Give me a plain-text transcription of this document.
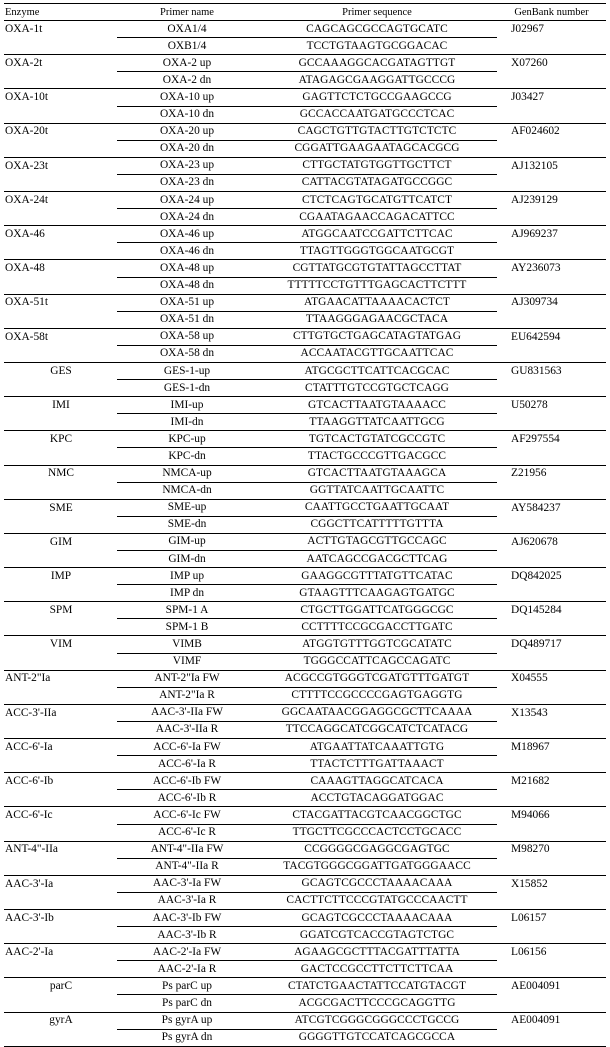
Enzyme	Primer name	Primer sequence	GenBank number
OXA-1t	OXA1/4	CAGCAGCGCCAGTGCATC	J02967
	OXB1/4	TCCTGTAAGTGCGGACAC	
OXA-2t	OXA-2 up	GCCAAAGGCACGATAGTTGT	X07260
	OXA-2 dn	ATAGAGCGAAGGATTGCCCG	
OXA-10t	OXA-10 up	GAGTTCTCTGCCGAAGCCG	J03427
	OXA-10 dn	GCCACCAATGATGCCCTCAC	
OXA-20t	OXA-20 up	CAGCTGTTGTACTTGTCTCTC	AF024602
	OXA-20 dn	CGGATTGAAGAATAGCACGCG	
OXA-23t	OXA-23 up	CTTGCTATGTGGTTGCTTCT	AJ132105
	OXA-23 dn	CATTACGTATAGATGCCGGC	
OXA-24t	OXA-24 up	CTCTCAGTGCATGTTCATCT	AJ239129
	OXA-24 dn	CGAATAGAACCAGACATTCC	
OXA-46	OXA-46 up	ATGGCAATCCGATTCTTCAC	AJ969237
	OXA-46 dn	TTAGTTGGGTGGCAATGCGT	
OXA-48	OXA-48 up	CGTTATGCGTGTATTAGCCTTAT	AY236073
	OXA-48 dn	TTTTTCCTGTTTGAGCACTTCTTT	
OXA-51t	OXA-51 up	ATGAACATTAAAACACTCT	AJ309734
	OXA-51 dn	TTAAGGGAGAACGCTACA	
OXA-58t	OXA-58 up	CTTGTGCTGAGCATAGTATGAG	EU642594
	OXA-58 dn	ACCAATACGTTGCAATTCAC	
GES	GES-1-up	ATGCGCTTCATTCACGCAC	GU831563
	GES-1-dn	CTATTTGTCCGTGCTCAGG	
IMI	IMI-up	GTCACTTAATGTAAAACC	U50278
	IMI-dn	TTAAGGTTATCAATTGCG	
KPC	KPC-up	TGTCACTGTATCGCCGTC	AF297554
	KPC-dn	TTACTGCCCGTTGACGCC	
NMC	NMCA-up	GTCACTTAATGTAAAGCA	Z21956
	NMCA-dn	GGTTATCAATTGCAATTC	
SME	SME-up	CAATTGCCTGAATTGCAAT	AY584237
	SME-dn	CGGCTTCATTTTTGTTTA	
GIM	GIM-up	ACTTGTAGCGTTGCCAGC	AJ620678
	GIM-dn	AATCAGCCGACGCTTCAG	
IMP	IMP up	GAAGGCGTTTATGTTCATAC	DQ842025
	IMP dn	GTAAGTTTCAAGAGTGATGC	
SPM	SPM-1 A	CTGCTTGGATTCATGGGCGC	DQ145284
	SPM-1 B	CCTTTTCCGCGACCTTGATC	
VIM	VIMB	ATGGTGTTTGGTCGCATATC	DQ489717
	VIMF	TGGGCCATTCAGCCAGATC	
ANT-2"Ia	ANT-2"Ia FW	ACGCCGTGGGTCGATGTTTGATGT	X04555
	ANT-2"Ia R	CTTTTCCGCCCCGAGTGAGGTG	
ACC-3'-IIa	AAC-3'-IIa FW	GGCAATAACGGAGGCGCTTCAAAA	X13543
	AAC-3'-IIa R	TTCCAGGCATCGGCATCTCATACG	
ACC-6'-Ia	ACC-6'-Ia FW	ATGAATTATCAAATTGTG	M18967
	ACC-6'-Ia R	TTACTCTTTGATTAAACT	
ACC-6'-Ib	ACC-6'-Ib FW	CAAAGTTAGGCATCACA	M21682
	ACC-6'-Ib R	ACCTGTACAGGATGGAC	
ACC-6'-Ic	ACC-6'-Ic FW	CTACGATTACGTCAACGGCTGC	M94066
	ACC-6'-Ic R	TTGCTTCGCCCACTCCTGCACC	
ANT-4"-IIa	ANT-4"-IIa FW	CCGGGGCGAGGCGAGTGC	M98270
	ANT-4"-IIa R	TACGTGGGCGGATTGATGGGAACC	
AAC-3'-Ia	AAC-3'-Ia FW	GCAGTCGCCCTAAAACAAA	X15852
	AAC-3'-Ia R	CACTTCTTCCCGTATGCCCAACTT	
AAC-3'-Ib	AAC-3'-Ib FW	GCAGTCGCCCTAAAACAAA	L06157
	AAC-3'-Ib R	GGATCGTCACCGTAGTCTGC	
AAC-2'-Ia	AAC-2'-Ia FW	AGAAGCGCTTTACGATTTATTA	L06156
	AAC-2'-Ia R	GACTCCGCCTTCTTCTTCAA	
parC	Ps parC up	CTATCTGAACTATTCCATGTACGT	AE004091
	Ps parC dn	ACGCGACTTCCCGCAGGTTG	
gyrA	Ps gyrA up	ATCGTCGGGCGGGCCCTGCCG	AE004091
	Ps gyrA dn	GGGGTTGTCCATCAGCGCCA	
